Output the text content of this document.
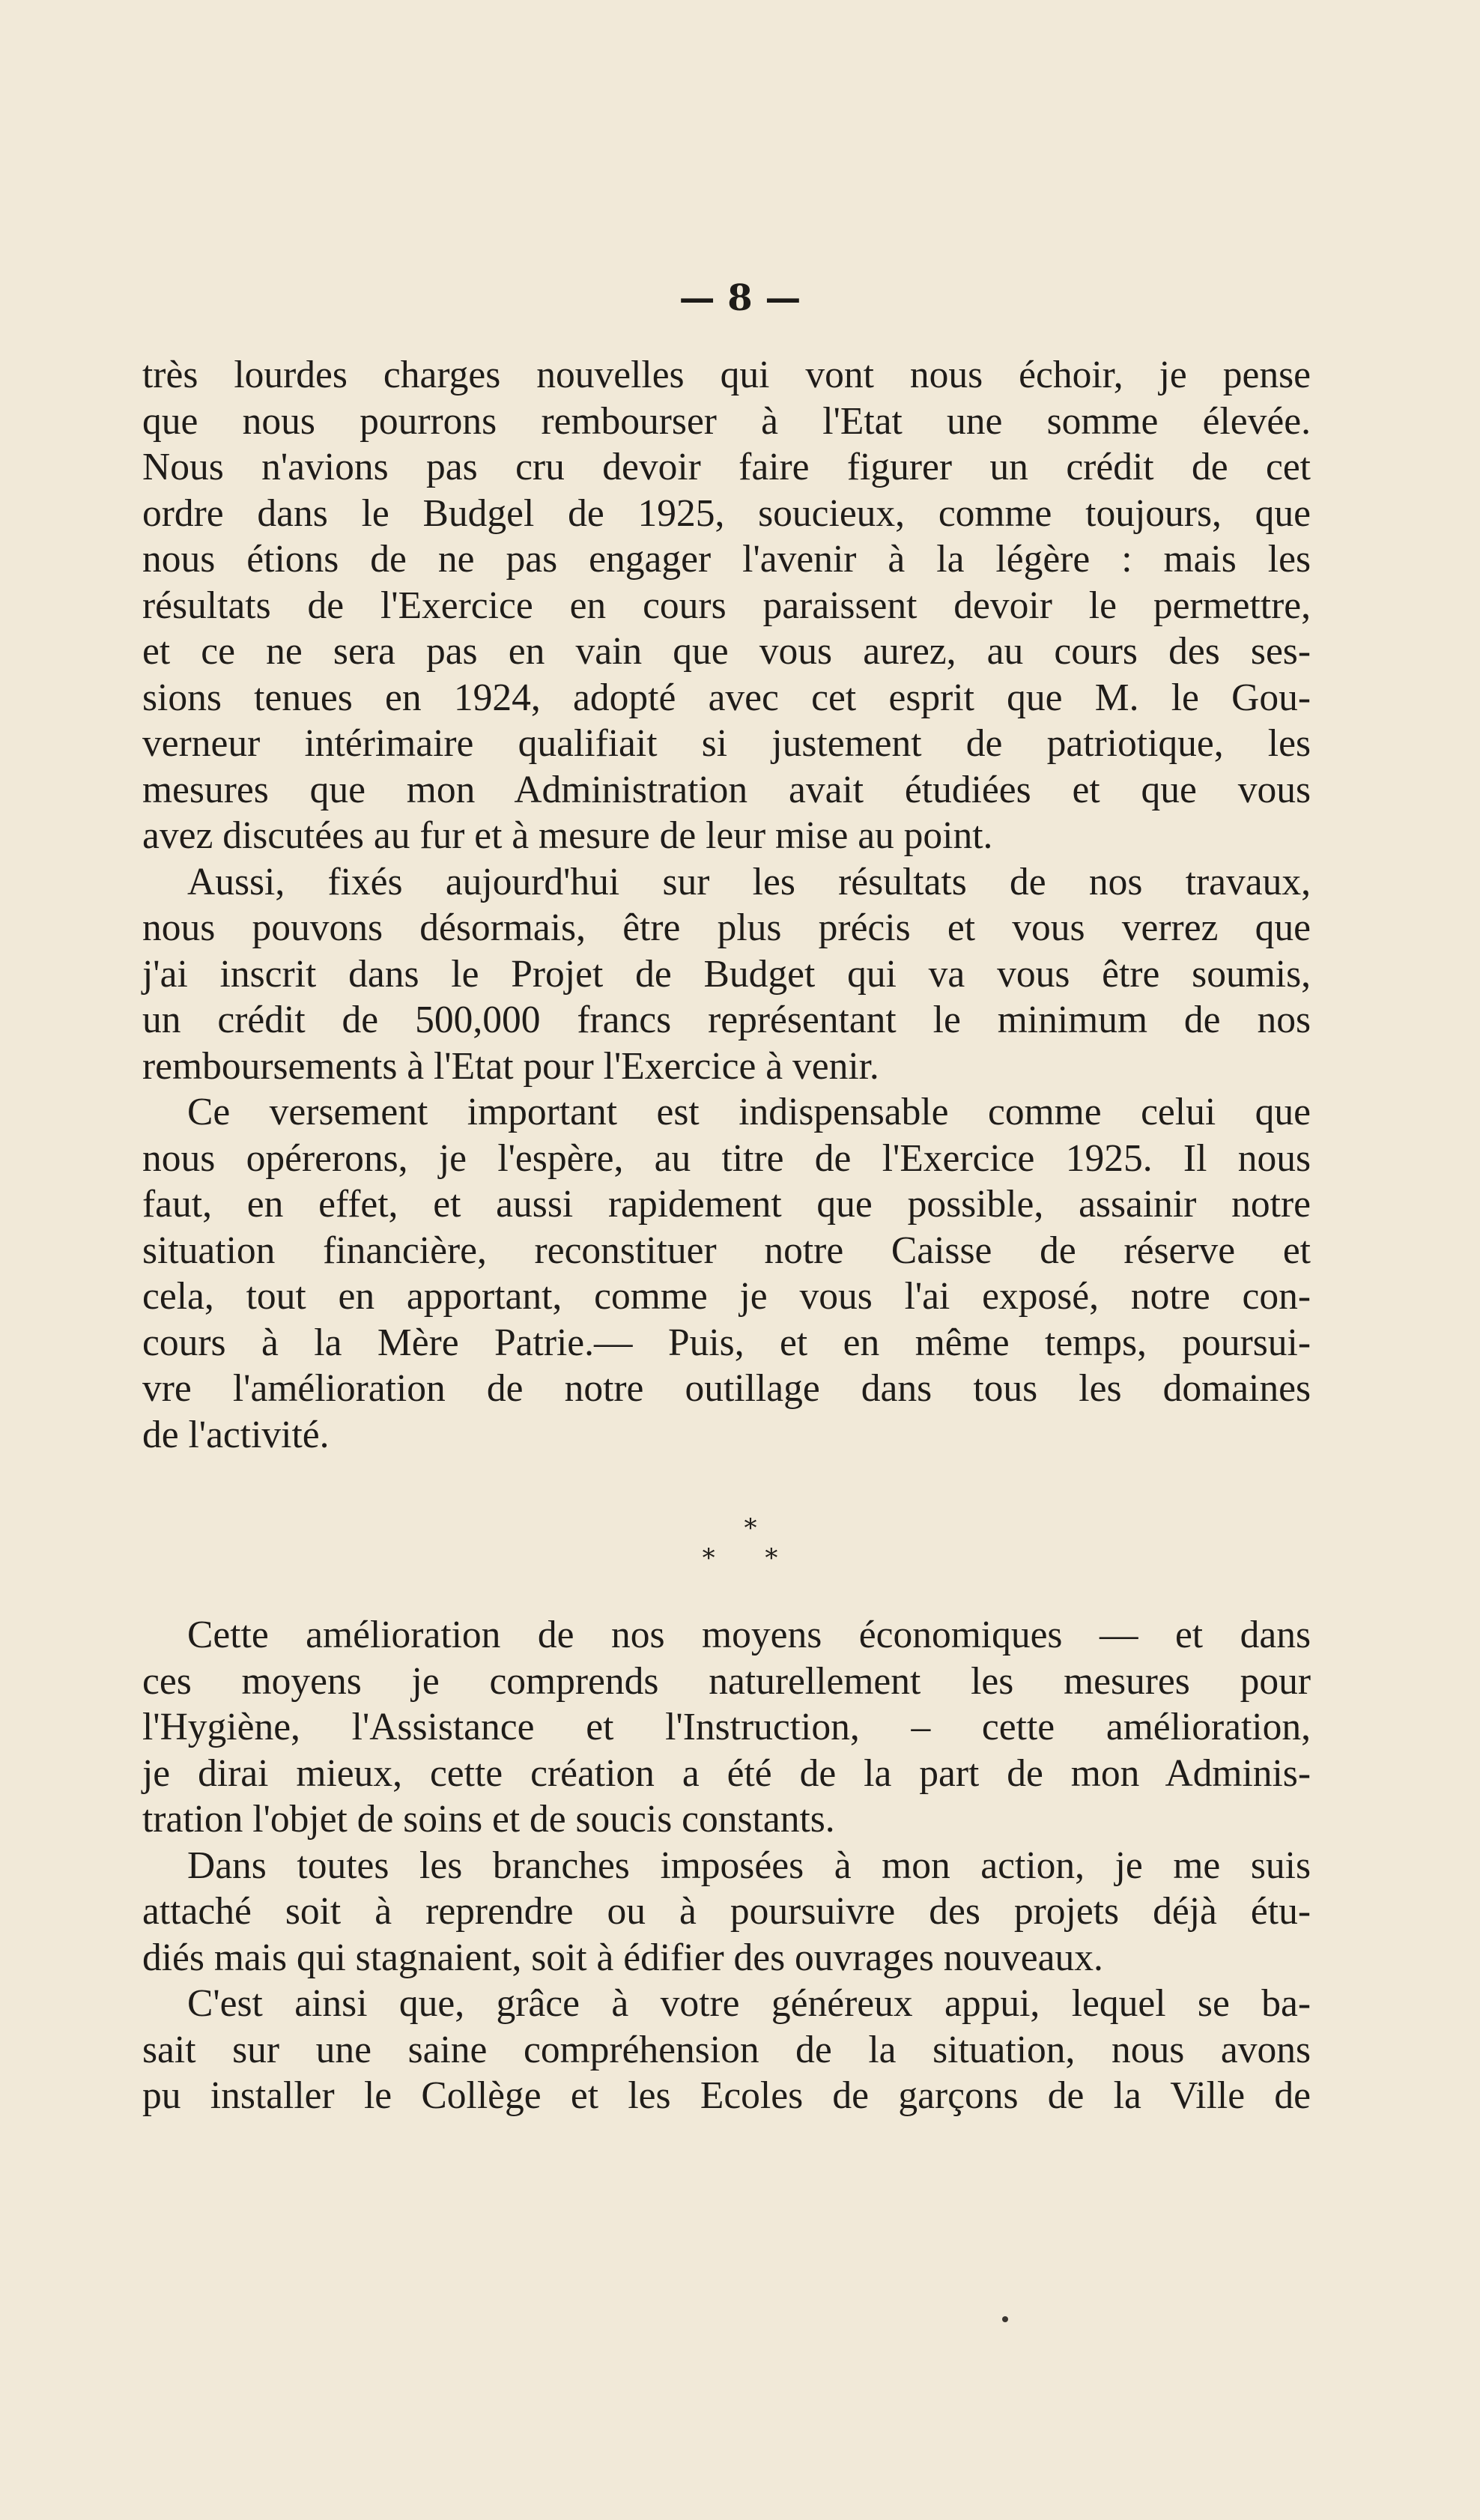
— 8 —
très lourdes charges nouvelles qui vont nous échoir, je pense
que nous pourrons rembourser à l'Etat une somme élevée.
Nous n'avions pas cru devoir faire figurer un crédit de cet
ordre dans le Budgel de 1925, soucieux, comme toujours, que
nous étions de ne pas engager l'avenir à la légère : mais les
résultats de l'Exercice en cours paraissent devoir le permettre,
et ce ne sera pas en vain que vous aurez, au cours des ses-
sions tenues en 1924, adopté avec cet esprit que M. le Gou-
verneur intérimaire qualifiait si justement de patriotique, les
mesures que mon Administration avait étudiées et que vous
avez discutées au fur et à mesure de leur mise au point.
Aussi, fixés aujourd'hui sur les résultats de nos travaux,
nous pouvons désormais, être plus précis et vous verrez que
j'ai inscrit dans le Projet de Budget qui va vous être soumis,
un crédit de 500,000 francs représentant le minimum de nos
remboursements à l'Etat pour l'Exercice à venir.
Ce versement important est indispensable comme celui que
nous opérerons, je l'espère, au titre de l'Exercice 1925. Il nous
faut, en effet, et aussi rapidement que possible, assainir notre
situation financière, reconstituer notre Caisse de réserve et
cela, tout en apportant, comme je vous l'ai exposé, notre con-
cours à la Mère Patrie.— Puis, et en même temps, poursui-
vre l'amélioration de notre outillage dans tous les domaines
de l'activité.
*
* *
Cette amélioration de nos moyens économiques — et dans
ces moyens je comprends naturellement les mesures pour
l'Hygiène, l'Assistance et l'Instruction, – cette amélioration,
je dirai mieux, cette création a été de la part de mon Adminis-
tration l'objet de soins et de soucis constants.
Dans toutes les branches imposées à mon action, je me suis
attaché soit à reprendre ou à poursuivre des projets déjà étu-
diés mais qui stagnaient, soit à édifier des ouvrages nouveaux.
C'est ainsi que, grâce à votre généreux appui, lequel se ba-
sait sur une saine compréhension de la situation, nous avons
pu installer le Collège et les Ecoles de garçons de la Ville de
